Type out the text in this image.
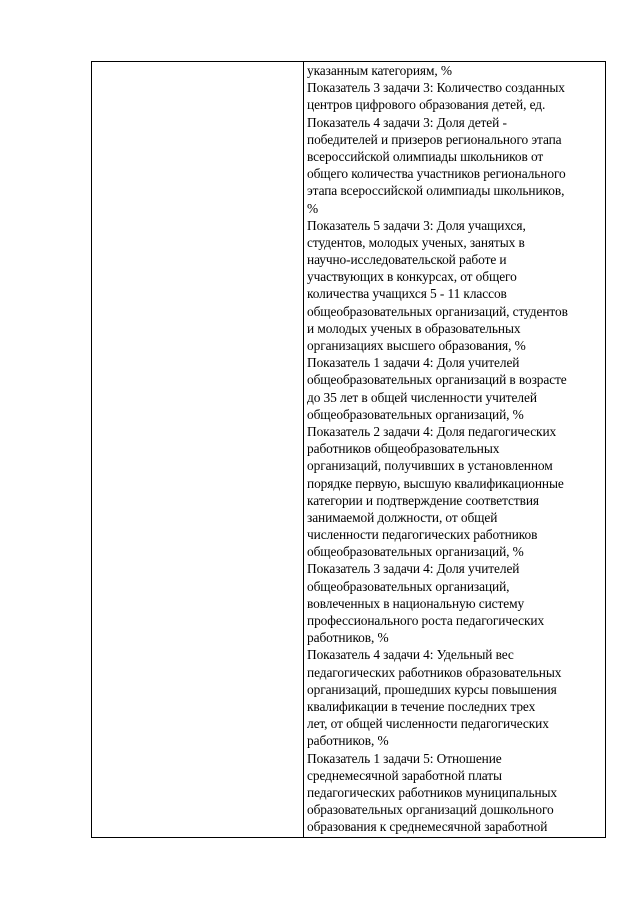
указанным категориям, %
Показатель 3 задачи 3: Количество созданных
центров цифрового образования детей, ед.
Показатель 4 задачи 3: Доля детей -
победителей и призеров регионального этапа
всероссийской олимпиады школьников от
общего количества участников регионального
этапа всероссийской олимпиады школьников,
%
Показатель 5 задачи 3: Доля учащихся,
студентов, молодых ученых, занятых в
научно-исследовательской работе и
участвующих в конкурсах, от общего
количества учащихся 5 - 11 классов
общеобразовательных организаций, студентов
и молодых ученых в образовательных
организациях высшего образования, %
Показатель 1 задачи 4: Доля учителей
общеобразовательных организаций в возрасте
до 35 лет в общей численности учителей
общеобразовательных организаций, %
Показатель 2 задачи 4: Доля педагогических
работников общеобразовательных
организаций, получивших в установленном
порядке первую, высшую квалификационные
категории и подтверждение соответствия
занимаемой должности, от общей
численности педагогических работников
общеобразовательных организаций, %
Показатель 3 задачи 4: Доля учителей
общеобразовательных организаций,
вовлеченных в национальную систему
профессионального роста педагогических
работников, %
Показатель 4 задачи 4: Удельный вес
педагогических работников образовательных
организаций, прошедших курсы повышения
квалификации в течение последних трех
лет, от общей численности педагогических
работников, %
Показатель 1 задачи 5: Отношение
среднемесячной заработной платы
педагогических работников муниципальных
образовательных организаций дошкольного
образования к среднемесячной заработной
